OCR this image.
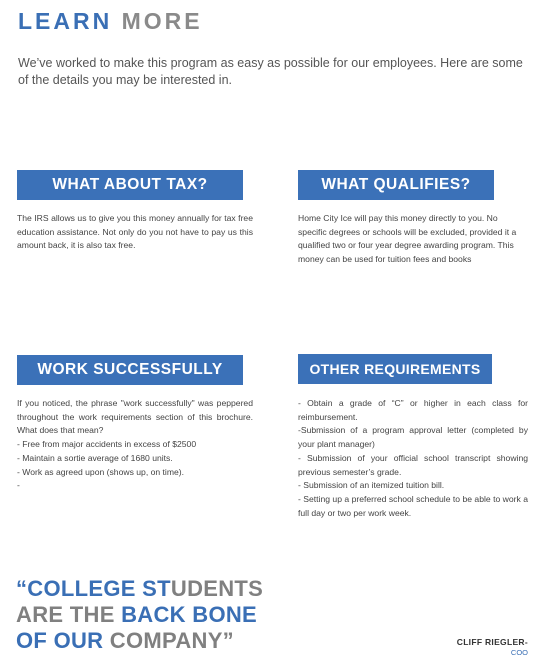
LEARN MORE

We’ve worked to make this program as easy as possible for our employees. Here are some of the details you may be interested in.

WHAT ABOUT TAX?

The IRS allows us to give you this money annually for tax free education assistance. Not only do you not have to pay us this amount back, it is also tax free.

WHAT QUALIFIES?

Home City Ice will pay this money directly to you. No specific degrees or schools will be excluded, provided it a qualified two or four year degree awarding program. This money can be used for tuition fees and books

WORK SUCCESSFULLY

If you noticed, the phrase "work successfully" was peppered throughout the work requirements section of this brochure. What does that mean?

- Free from major accidents in excess of $2500

- Maintain a sortie average of 1680 units.

- Work as agreed upon (shows up, on time).

-

OTHER REQUIREMENTS

- Obtain a grade of “C” or higher in each class for reimbursement.

-Submission of a program approval letter (completed by your plant manager)

- Submission of your official school transcript showing previous semester’s grade.

- Submission of an itemized tuition bill.

- Setting up a preferred school schedule to be able to work a full day or two per work week.

“COLLEGE STUDENTS
ARE THE BACK BONE
OF OUR COMPANY”	CLIFF RIEGLER-
COO
